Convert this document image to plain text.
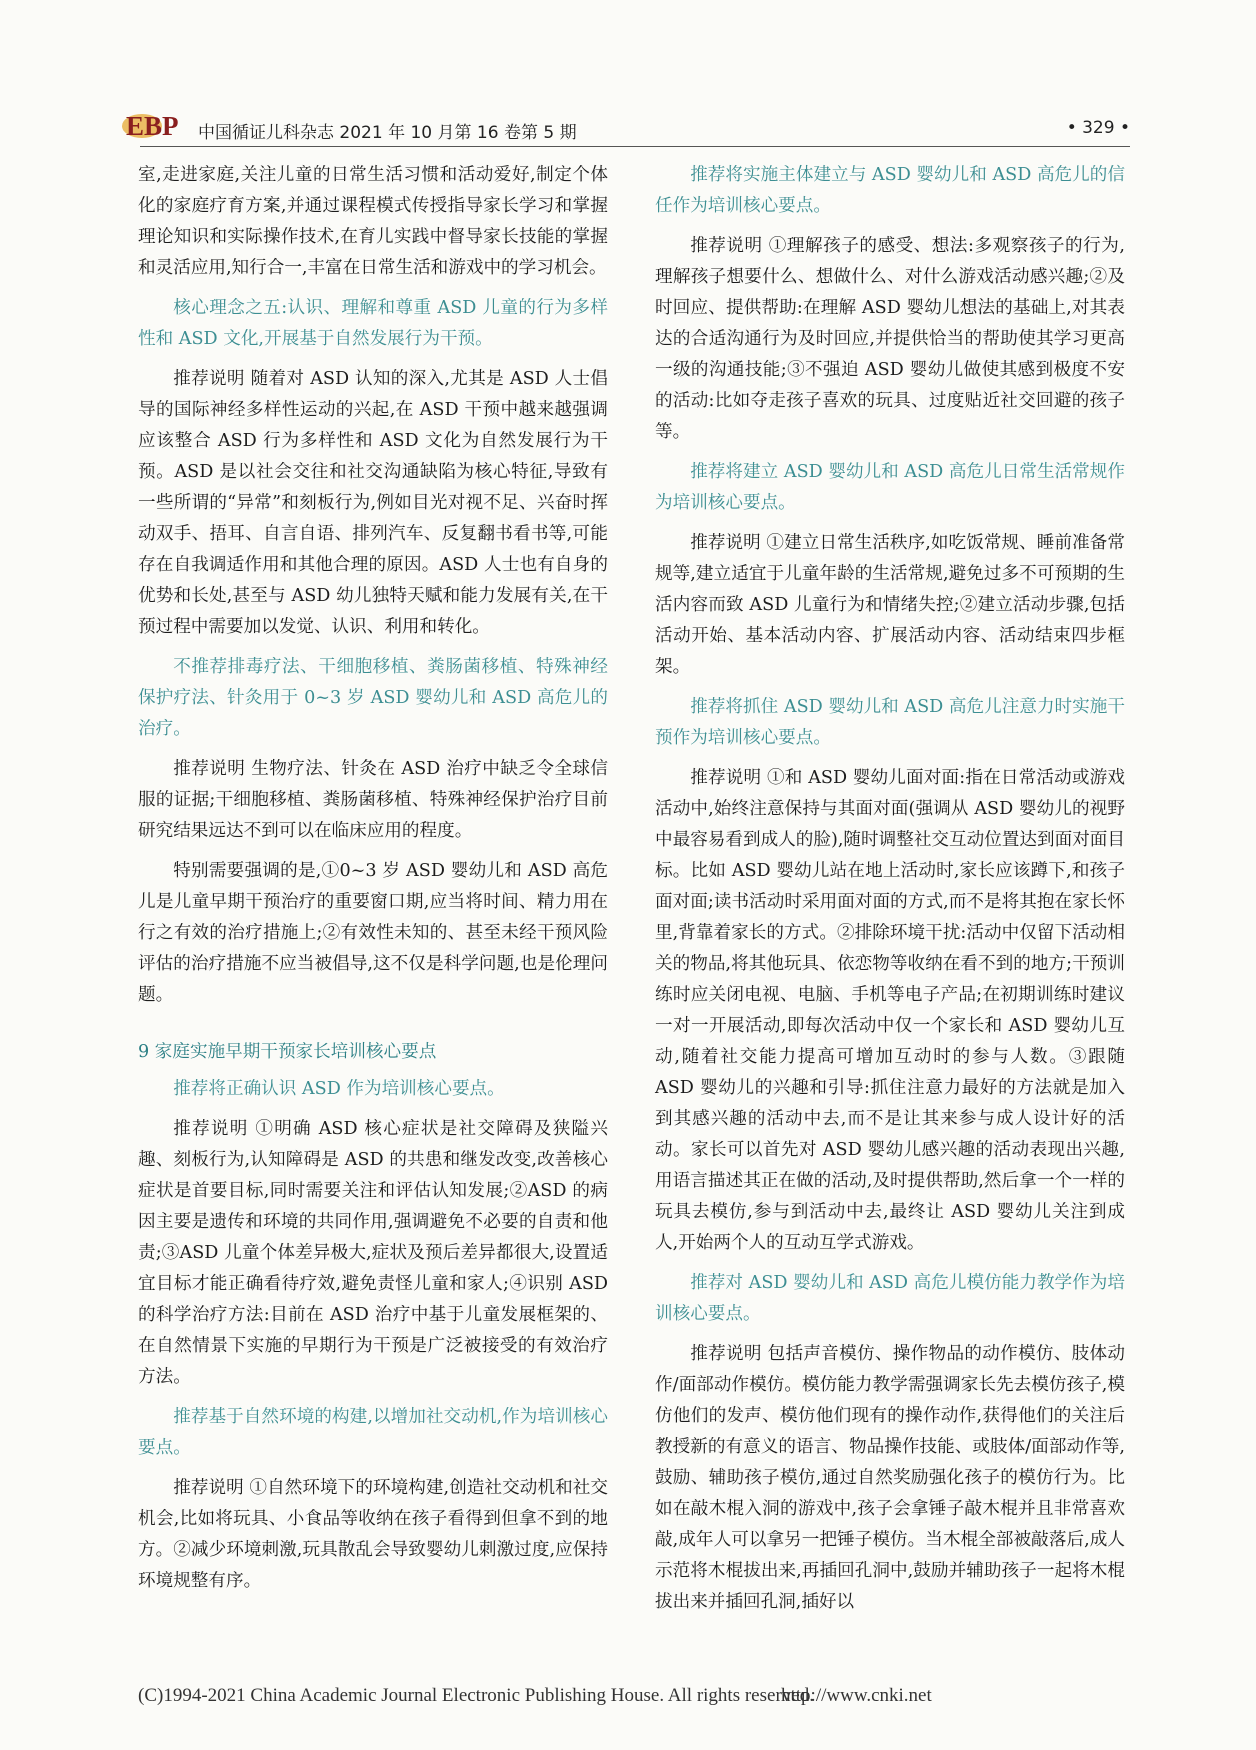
EBP 中国循证儿科杂志 2021 年 10 月第 16 卷第 5 期	• 329 •

室,走进家庭,关注儿童的日常生活习惯和活动爱好,制定个体化的家庭疗育方案,并通过课程模式传授指导家长学习和掌握理论知识和实际操作技术,在育儿实践中督导家长技能的掌握和灵活应用,知行合一,丰富在日常生活和游戏中的学习机会。

核心理念之五:认识、理解和尊重 ASD 儿童的行为多样性和 ASD 文化,开展基于自然发展行为干预。

推荐说明 随着对 ASD 认知的深入,尤其是 ASD 人士倡导的国际神经多样性运动的兴起,在 ASD 干预中越来越强调应该整合 ASD 行为多样性和 ASD 文化为自然发展行为干预。ASD 是以社会交往和社交沟通缺陷为核心特征,导致有一些所谓的“异常”和刻板行为,例如目光对视不足、兴奋时挥动双手、捂耳、自言自语、排列汽车、反复翻书看书等,可能存在自我调适作用和其他合理的原因。ASD 人士也有自身的优势和长处,甚至与 ASD 幼儿独特天赋和能力发展有关,在干预过程中需要加以发觉、认识、利用和转化。

不推荐排毒疗法、干细胞移植、粪肠菌移植、特殊神经保护疗法、针灸用于 0~3 岁 ASD 婴幼儿和 ASD 高危儿的治疗。

推荐说明 生物疗法、针灸在 ASD 治疗中缺乏令全球信服的证据;干细胞移植、粪肠菌移植、特殊神经保护治疗目前研究结果远达不到可以在临床应用的程度。

特别需要强调的是,①0~3 岁 ASD 婴幼儿和 ASD 高危儿是儿童早期干预治疗的重要窗口期,应当将时间、精力用在行之有效的治疗措施上;②有效性未知的、甚至未经干预风险评估的治疗措施不应当被倡导,这不仅是科学问题,也是伦理问题。

9 家庭实施早期干预家长培训核心要点

推荐将正确认识 ASD 作为培训核心要点。

推荐说明 ①明确 ASD 核心症状是社交障碍及狭隘兴趣、刻板行为,认知障碍是 ASD 的共患和继发改变,改善核心症状是首要目标,同时需要关注和评估认知发展;②ASD 的病因主要是遗传和环境的共同作用,强调避免不必要的自责和他责;③ASD 儿童个体差异极大,症状及预后差异都很大,设置适宜目标才能正确看待疗效,避免责怪儿童和家人;④识别 ASD 的科学治疗方法:目前在 ASD 治疗中基于儿童发展框架的、在自然情景下实施的早期行为干预是广泛被接受的有效治疗方法。

推荐基于自然环境的构建,以增加社交动机,作为培训核心要点。

推荐说明 ①自然环境下的环境构建,创造社交动机和社交机会,比如将玩具、小食品等收纳在孩子看得到但拿不到的地方。②减少环境刺激,玩具散乱会导致婴幼儿刺激过度,应保持环境规整有序。

推荐将实施主体建立与 ASD 婴幼儿和 ASD 高危儿的信任作为培训核心要点。

推荐说明 ①理解孩子的感受、想法:多观察孩子的行为,理解孩子想要什么、想做什么、对什么游戏活动感兴趣;②及时回应、提供帮助:在理解 ASD 婴幼儿想法的基础上,对其表达的合适沟通行为及时回应,并提供恰当的帮助使其学习更高一级的沟通技能;③不强迫 ASD 婴幼儿做使其感到极度不安的活动:比如夺走孩子喜欢的玩具、过度贴近社交回避的孩子等。

推荐将建立 ASD 婴幼儿和 ASD 高危儿日常生活常规作为培训核心要点。

推荐说明 ①建立日常生活秩序,如吃饭常规、睡前准备常规等,建立适宜于儿童年龄的生活常规,避免过多不可预期的生活内容而致 ASD 儿童行为和情绪失控;②建立活动步骤,包括活动开始、基本活动内容、扩展活动内容、活动结束四步框架。

推荐将抓住 ASD 婴幼儿和 ASD 高危儿注意力时实施干预作为培训核心要点。

推荐说明 ①和 ASD 婴幼儿面对面:指在日常活动或游戏活动中,始终注意保持与其面对面(强调从 ASD 婴幼儿的视野中最容易看到成人的脸),随时调整社交互动位置达到面对面目标。比如 ASD 婴幼儿站在地上活动时,家长应该蹲下,和孩子面对面;读书活动时采用面对面的方式,而不是将其抱在家长怀里,背靠着家长的方式。②排除环境干扰:活动中仅留下活动相关的物品,将其他玩具、依恋物等收纳在看不到的地方;干预训练时应关闭电视、电脑、手机等电子产品;在初期训练时建议一对一开展活动,即每次活动中仅一个家长和 ASD 婴幼儿互动,随着社交能力提高可增加互动时的参与人数。③跟随 ASD 婴幼儿的兴趣和引导:抓住注意力最好的方法就是加入到其感兴趣的活动中去,而不是让其来参与成人设计好的活动。家长可以首先对 ASD 婴幼儿感兴趣的活动表现出兴趣,用语言描述其正在做的活动,及时提供帮助,然后拿一个一样的玩具去模仿,参与到活动中去,最终让 ASD 婴幼儿关注到成人,开始两个人的互动互学式游戏。

推荐对 ASD 婴幼儿和 ASD 高危儿模仿能力教学作为培训核心要点。

推荐说明 包括声音模仿、操作物品的动作模仿、肢体动作/面部动作模仿。模仿能力教学需强调家长先去模仿孩子,模仿他们的发声、模仿他们现有的操作动作,获得他们的关注后教授新的有意义的语言、物品操作技能、或肢体/面部动作等,鼓励、辅助孩子模仿,通过自然奖励强化孩子的模仿行为。比如在敲木棍入洞的游戏中,孩子会拿锤子敲木棍并且非常喜欢敲,成年人可以拿另一把锤子模仿。当木棍全部被敲落后,成人示范将木棍拔出来,再插回孔洞中,鼓励并辅助孩子一起将木棍拔出来并插回孔洞,插好以

(C)1994-2021 China Academic Journal Electronic Publishing House. All rights reserved.
http://www.cnki.net
